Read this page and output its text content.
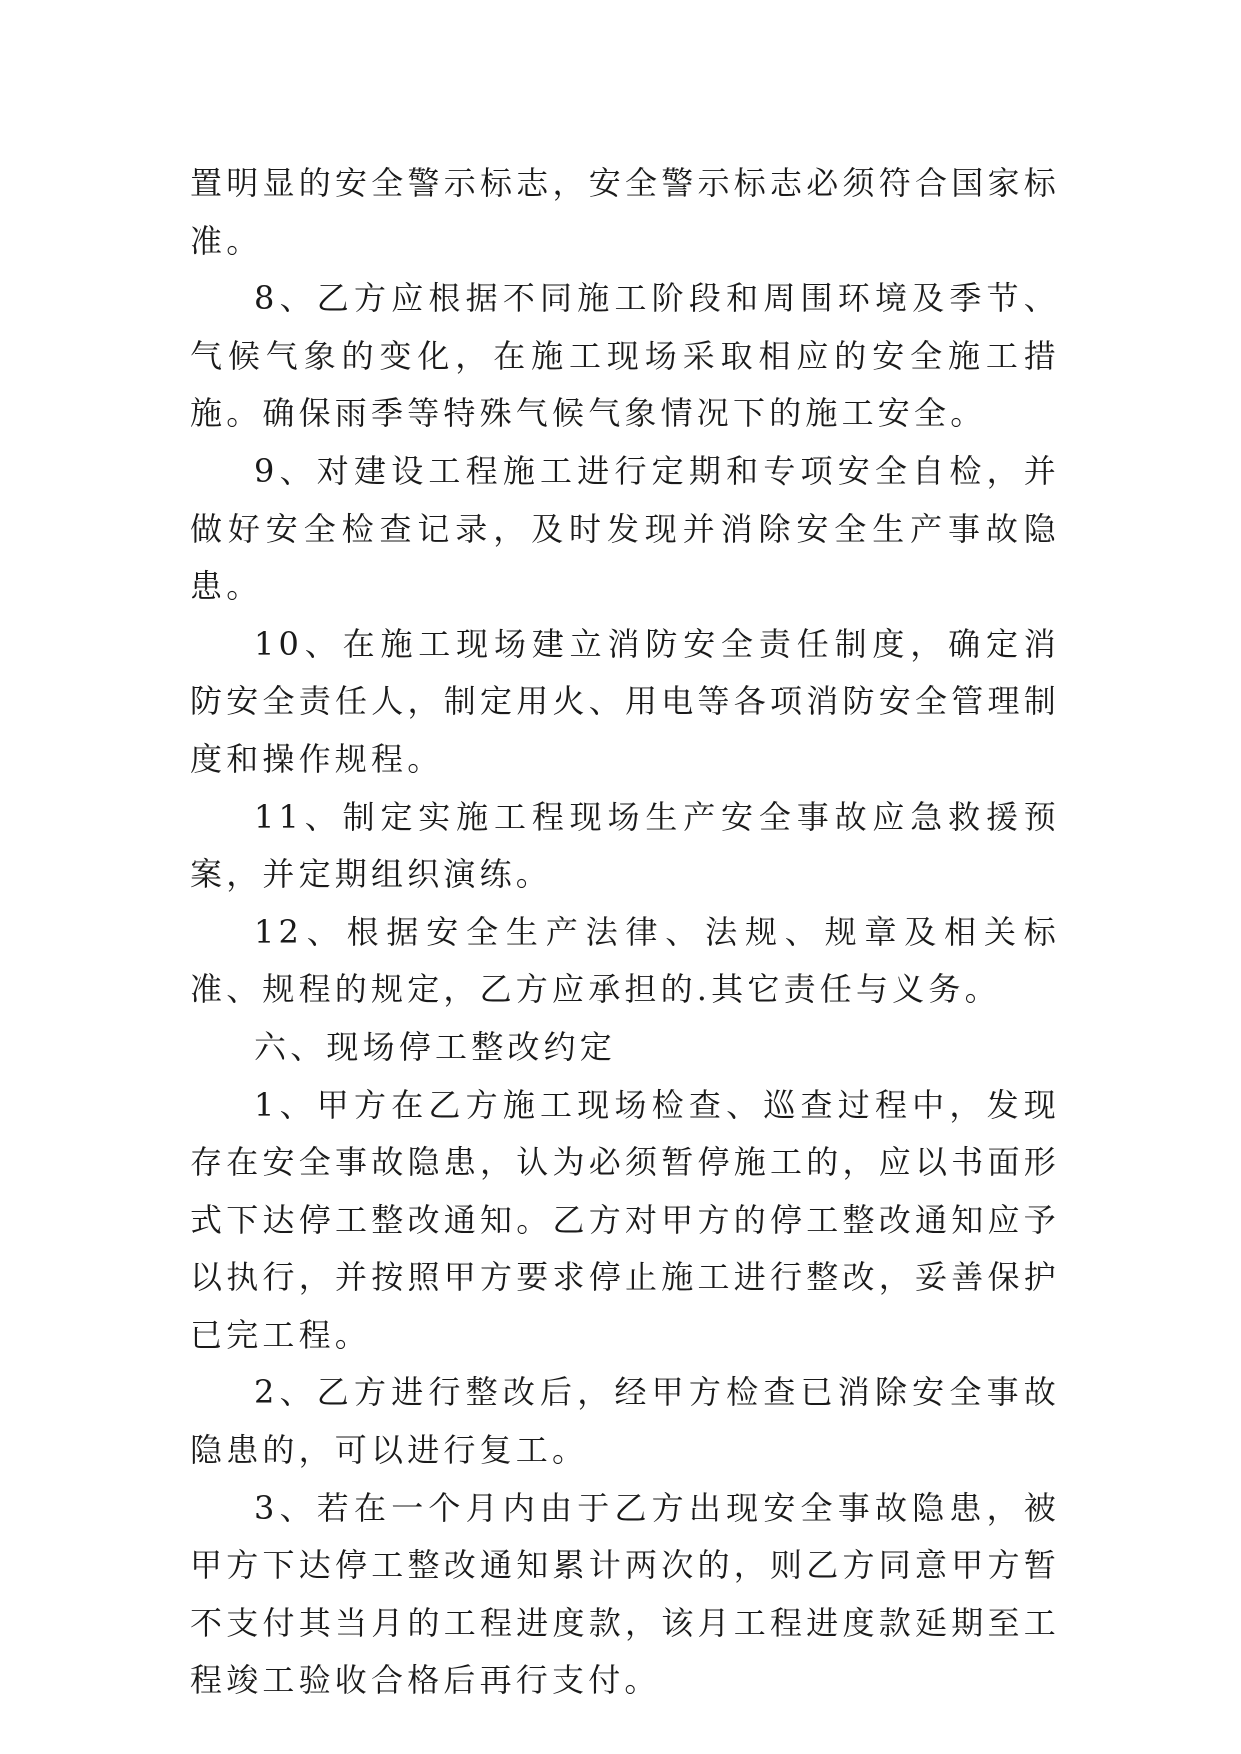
置明显的安全警示标志，安全警示标志必须符合国家标准。

8、乙方应根据不同施工阶段和周围环境及季节、气候气象的变化，在施工现场采取相应的安全施工措施。确保雨季等特殊气候气象情况下的施工安全。

9、对建设工程施工进行定期和专项安全自检，并做好安全检查记录，及时发现并消除安全生产事故隐患。

10、在施工现场建立消防安全责任制度，确定消防安全责任人，制定用火、用电等各项消防安全管理制度和操作规程。

11、制定实施工程现场生产安全事故应急救援预案，并定期组织演练。

12、根据安全生产法律、法规、规章及相关标准、规程的规定，乙方应承担的.其它责任与义务。

六、现场停工整改约定

1、甲方在乙方施工现场检查、巡查过程中，发现存在安全事故隐患，认为必须暂停施工的，应以书面形式下达停工整改通知。乙方对甲方的停工整改通知应予以执行，并按照甲方要求停止施工进行整改，妥善保护已完工程。

2、乙方进行整改后，经甲方检查已消除安全事故隐患的，可以进行复工。

3、若在一个月内由于乙方出现安全事故隐患，被甲方下达停工整改通知累计两次的，则乙方同意甲方暂不支付其当月的工程进度款，该月工程进度款延期至工程竣工验收合格后再行支付。
